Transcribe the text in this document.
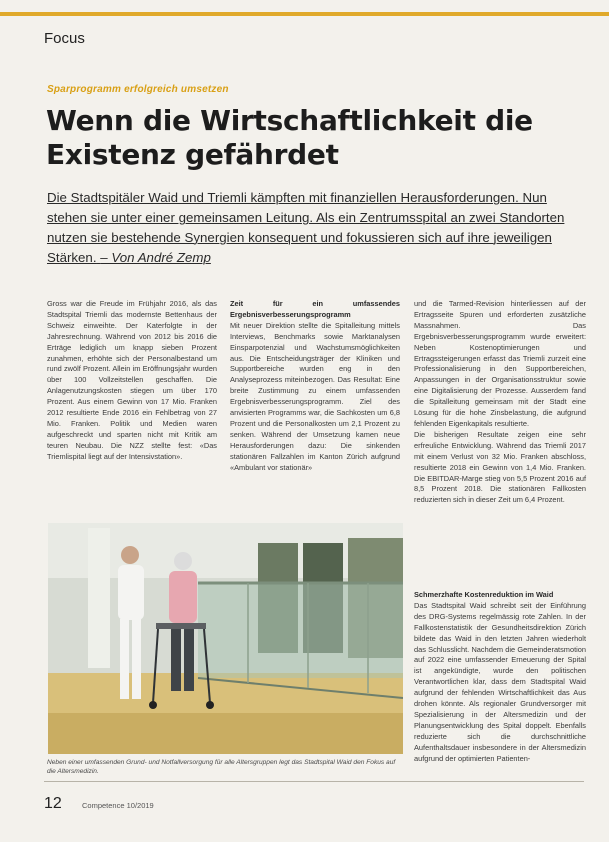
Focus
Sparprogramm erfolgreich umsetzen
Wenn die Wirtschaftlichkeit die Existenz gefährdet
Die Stadtspitäler Waid und Triemli kämpften mit finanziellen Herausforderungen. Nun stehen sie unter einer gemeinsamen Leitung. Als ein Zentrumsspital an zwei Standorten nutzen sie bestehende Synergien konsequent und fokussieren sich auf ihre jeweiligen Stärken. – Von André Zemp

Gross war die Freude im Frühjahr 2016, als das Stadtspital Triemli das modernste Bettenhaus der Schweiz einweihte. Der Katerfolgte in der Jahresrechnung. Während von 2012 bis 2016 die Erträge lediglich um knapp sieben Prozent zunahmen, erhöhte sich der Personalbestand um rund zwölf Prozent. Allein im Eröffnungsjahr wurden über 100 Vollzeitstellen geschaffen. Die Anlagenutzungskosten stiegen um über 170 Prozent. Aus einem Gewinn von 17 Mio. Franken 2012 resultierte Ende 2016 ein Fehlbetrag von 27 Mio. Franken. Politik und Medien waren aufgeschreckt und sparten nicht mit Kritik am teuren Neubau. Die NZZ stellte fest: «Das Triemlispital liegt auf der Intensivstation».

Zeit für ein umfassendes Ergebnisverbesserungsprogramm

Mit neuer Direktion stellte die Spitalleitung mittels Interviews, Benchmarks sowie Marktanalysen Einsparpotenzial und Wachstumsmöglichkeiten aus. Die Entscheidungsträger der Kliniken und Supportbereiche wurden eng in den Analyseprozess miteinbezogen. Das Resultat: Eine breite Zustimmung zu einem umfassenden Ergebnisverbesserungsprogramm. Ziel des anvisierten Programms war, die Sachkosten um 6,8 Prozent und die Personalkosten um 2,1 Prozent zu senken. Während der Umsetzung kamen neue Herausforderungen dazu: Die sinkenden stationären Fallzahlen im Kanton Zürich aufgrund «Ambulant vor stationär»

und die Tarmed-Revision hinterliessen auf der Ertragsseite Spuren und erforderten zusätzliche Massnahmen. Das Ergebnisverbesserungsprogramm wurde erweitert: Neben Kostenoptimierungen und Ertragssteigerungen erfasst das Triemli zurzeit eine Professionalisierung in den Supportbereichen, Anpassungen in der Organisationsstruktur sowie eine Digitalisierung der Prozesse. Ausserdem fand die Spitalleitung gemeinsam mit der Stadt eine Lösung für die hohe Zinsbelastung, die aufgrund fehlenden Eigenkapitals resultierte.
Die bisherigen Resultate zeigen eine sehr erfreuliche Entwicklung. Während das Triemli 2017 mit einem Verlust von 32 Mio. Franken abschloss, resultierte 2018 ein Gewinn von 1,4 Mio. Franken. Die EBITDAR-Marge stieg von 5,5 Prozent 2016 auf 8,5 Prozent 2018. Die stationären Fallkosten reduzierten sich in dieser Zeit um 6,4 Prozent.

Schmerzhafte Kostenreduktion im Waid

Das Stadtspital Waid schreibt seit der Einführung des DRG-Systems regelmässig rote Zahlen. In der Fallkostenstatistik der Gesundheitsdirektion Zürich bildete das Waid in den letzten Jahren wiederholt das Schlusslicht. Nachdem die Gemeinderatsmotion auf 2022 eine umfassender Erneuerung der Spital ist angekündigte, wurde den politischen Verantwortlichen klar, dass dem Stadtspital Waid aufgrund der fehlenden Wirtschaftlichkeit das Aus drohen könnte. Als regionaler Grundversorger mit Spezialisierung in der Altersmedizin und der Planungsentwicklung des Spital doppelt. Ebenfalls reduzierte sich die durchschnittliche Aufenthaltsdauer insbesondere in der Altersmedizin aufgrund der optimierten Patienten-

Neben einer umfassenden Grund- und Notfallversorgung für alle Altersgruppen legt das Stadtspital Waid den Fokus auf die Altersmedizin.
12	Competence 10/2019
